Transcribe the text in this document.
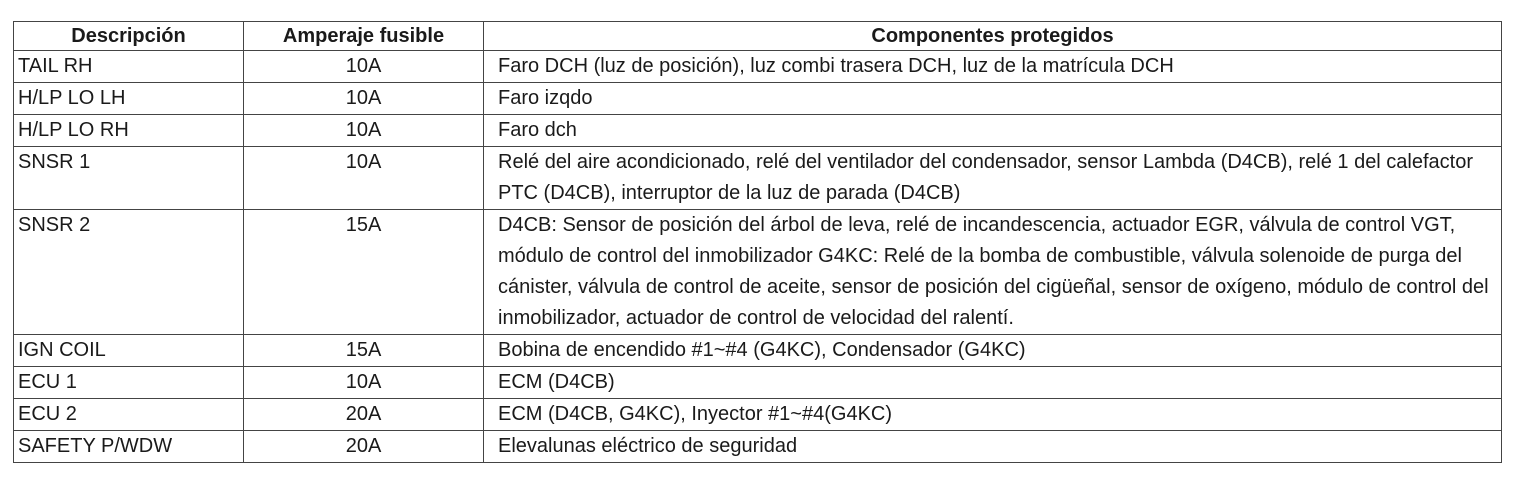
Descripción	Amperaje fusible	Componentes protegidos
TAIL RH	10A	Faro DCH (luz de posición), luz combi trasera DCH, luz de la matrícula DCH
H/LP LO LH	10A	Faro izqdo
H/LP LO RH	10A	Faro dch
SNSR 1	10A	Relé del aire acondicionado, relé del ventilador del condensador, sensor Lambda (D4CB), relé 1 del calefactor PTC (D4CB), interruptor de la luz de parada (D4CB)
SNSR 2	15A	D4CB: Sensor de posición del árbol de leva, relé de incandescencia, actuador EGR, válvula de control VGT, módulo de control del inmobilizador G4KC: Relé de la bomba de combustible, válvula solenoide de purga del cánister, válvula de control de aceite, sensor de posición del cigüeñal, sensor de oxígeno, módulo de control del inmobilizador, actuador de control de velocidad del ralentí.
IGN COIL	15A	Bobina de encendido #1~#4 (G4KC), Condensador (G4KC)
ECU 1	10A	ECM (D4CB)
ECU 2	20A	ECM (D4CB, G4KC), Inyector #1~#4(G4KC)
SAFETY P/WDW	20A	Elevalunas eléctrico de seguridad
